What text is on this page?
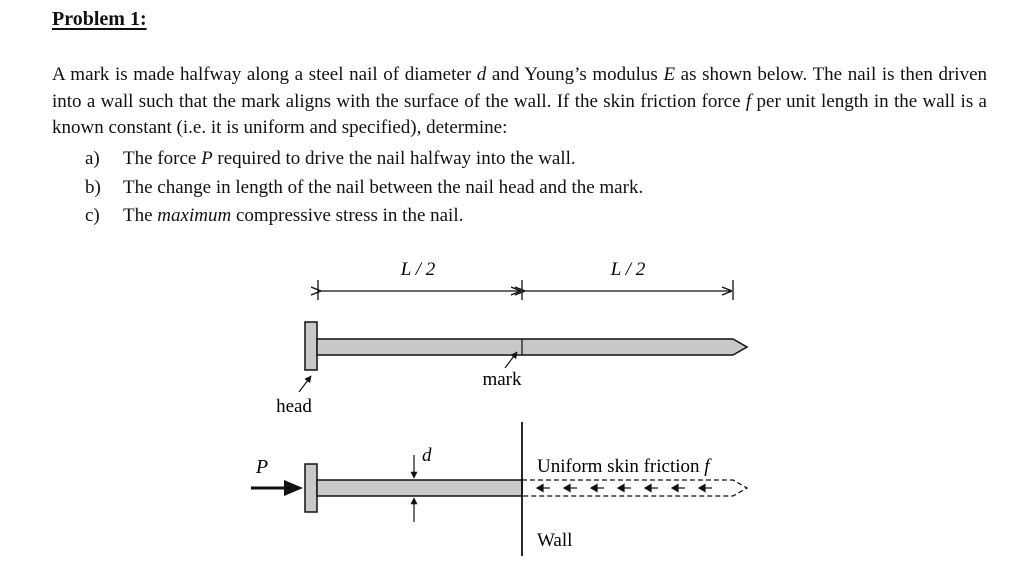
Problem 1:

A mark is made halfway along a steel nail of diameter d and Young’s modulus E as shown below. The nail is then driven into a wall such that the mark aligns with the surface of the wall. If the skin friction force f per unit length in the wall is a known constant (i.e. it is uniform and specified), determine:

a) The force P required to drive the nail halfway into the wall.
b) The change in length of the nail between the nail head and the mark.
c) The maximum compressive stress in the nail.
L / 2	L / 2
mark
head
Wall
P
d
Uniform skin friction f
